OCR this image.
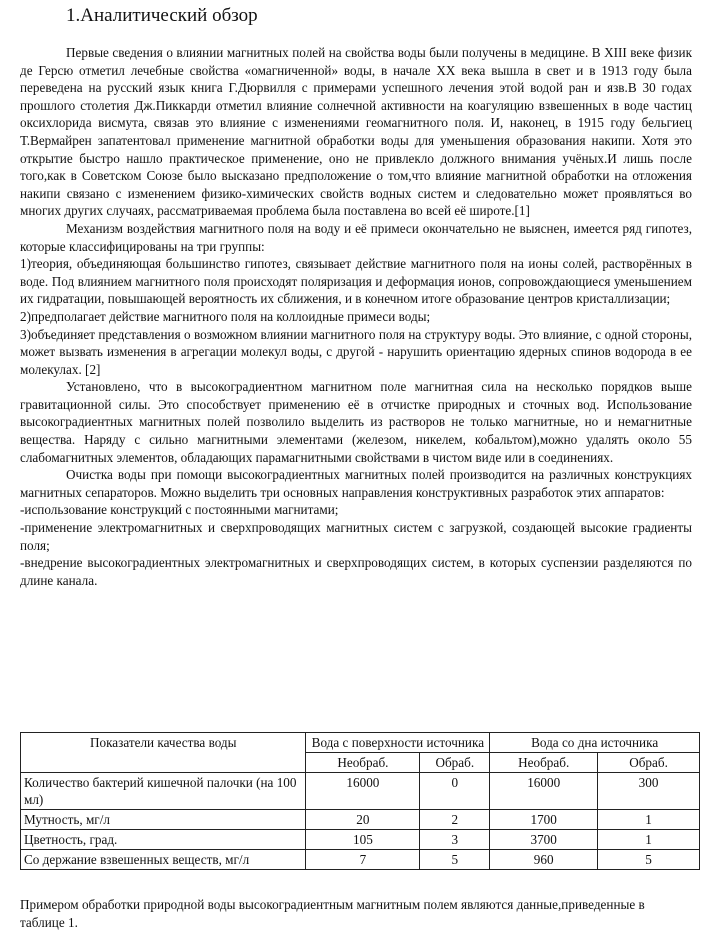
1.Аналитический обзор

Первые сведения о влиянии магнитных полей на свойства воды были получены в медицине. В XIII веке физик де Герсю отметил лечебные свойства «омагниченной» воды, в начале XX века вышла в свет и в 1913 году была переведена на русский язык книга Г.Дюрвилля с примерами успешного лечения этой водой ран и язв.В 30 годах прошлого столетия Дж.Пиккарди отметил влияние солнечной активности на коагуляцию взвешенных в воде частиц оксихлорида висмута, связав это влияние с изменениями геомагнитного поля. И, наконец, в 1915 году бельгиец Т.Вермайрен запатентовал применение магнитной обработки воды для уменьшения образования накипи. Хотя это открытие быстро нашло практическое применение, оно не привлекло должного внимания учёных.И лишь после того,как в Советском Союзе было высказано предположение о том,что влияние магнитной обработки на отложения накипи связано с изменением физико-химических свойств водных систем и следовательно может проявляться во многих других случаях, рассматриваемая проблема была поставлена во всей её широте.[1]

Механизм воздействия магнитного поля на воду и её примеси окончательно не выяснен, имеется ряд гипотез, которые классифицированы на три группы:

1)теория, объединяющая большинство гипотез, связывает действие магнитного поля на ионы солей, растворённых в воде. Под влиянием магнитного поля происходят поляризация и деформация ионов, сопровождающиеся уменьшением их гидратации, повышающей вероятность их сближения, и в конечном итоге образование центров кристаллизации;

2)предполагает действие магнитного поля на коллоидные примеси воды;

3)объединяет представления о возможном влиянии магнитного поля на структуру воды. Это влияние, с одной стороны, может вызвать изменения в агрегации молекул воды, с другой - нарушить ориентацию ядерных спинов водорода в ее молекулах. [2]

Установлено, что в высокоградиентном магнитном поле магнитная сила на несколько порядков выше гравитационной силы. Это способствует применению её в отчистке природных и сточных вод. Использование высокоградиентных магнитных полей позволило выделить из растворов не только магнитные, но и немагнитные вещества. Наряду с сильно магнитными элементами (железом, никелем, кобальтом),можно удалять около 55 слабомагнитных элементов, обладающих парамагнитными свойствами в чистом виде или в соединениях.

Очистка воды при помощи высокоградиентных магнитных полей производится на различных конструкциях магнитных сепараторов. Можно выделить три основных направления конструктивных разработок этих аппаратов:

-использование конструкций с постоянными магнитами;

-применение электромагнитных и сверхпроводящих магнитных систем с загрузкой, создающей высокие градиенты поля;

-внедрение высокоградиентных электромагнитных и сверхпроводящих систем, в которых суспензии разделяются по длине канала.

Показатели качества воды	Вода с поверхности источника		Вода со дна источника	
	Необраб.	Обраб.	Необраб.	Обраб.
Количество бактерий кишечной палочки (на 100 мл)	16000	0	16000	300
Мутность, мг/л	20	2	1700	1
Цветность, град.	105	3	3700	1
Со держание взвешенных веществ, мг/л	7	5	960	5
Примером обработки природной воды высокоградиентным магнитным полем являются данные,приведенные в таблице 1.
